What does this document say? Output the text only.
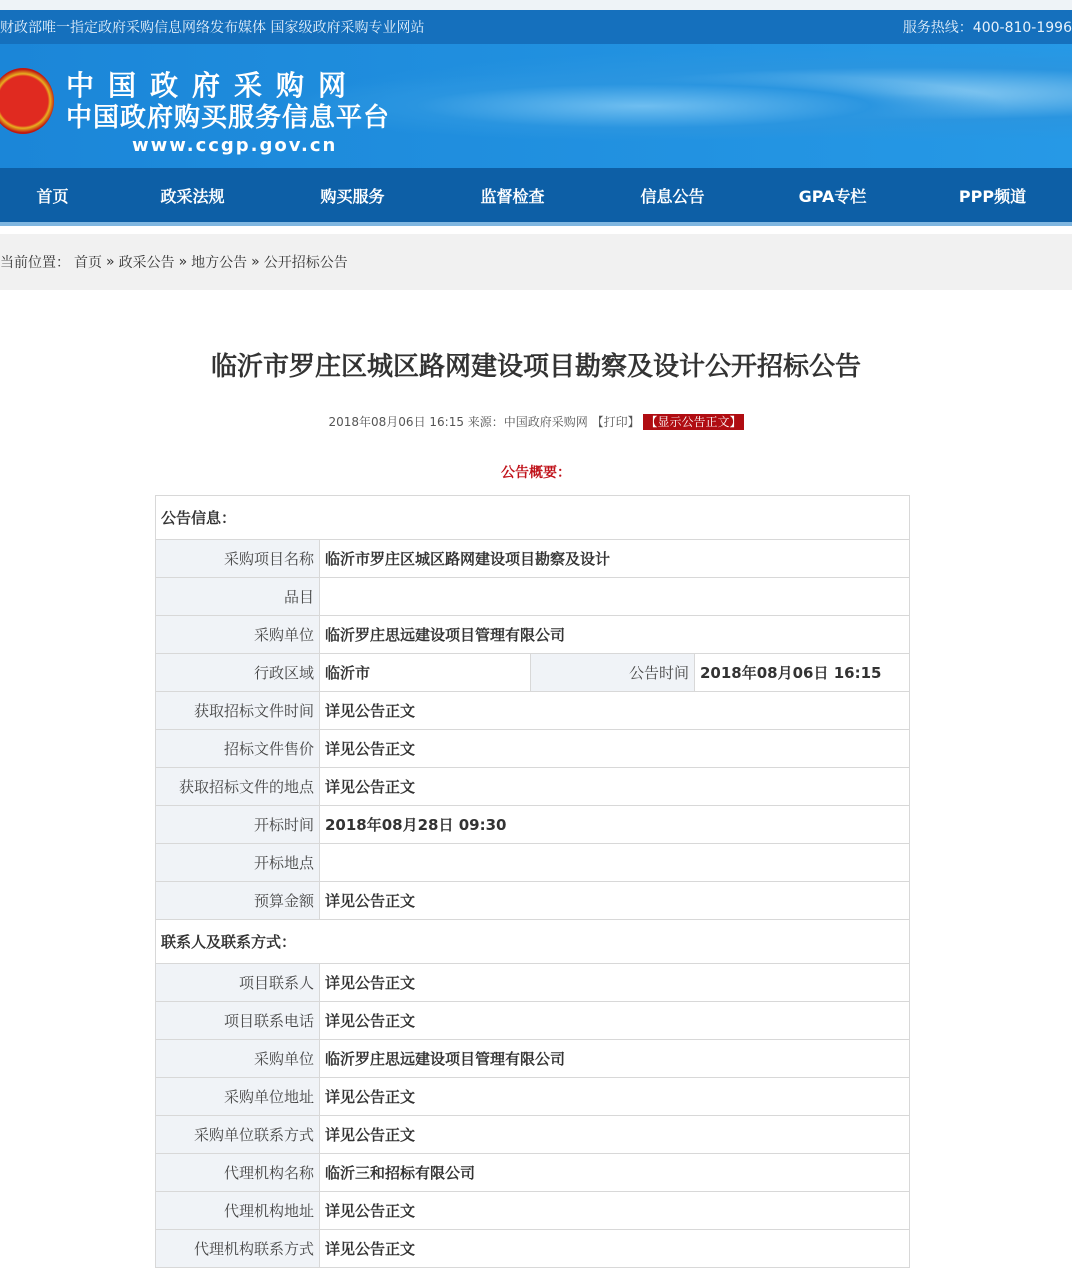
财政部唯一指定政府采购信息网络发布媒体 国家级政府采购专业网站	服务热线：400-810-1996
中国政府采购网
中国政府购买服务信息平台
www.ccgp.gov.cn
首页	政采法规	购买服务	监督检查	信息公告	GPA专栏	PPP频道
当前位置： 首页 » 政采公告 » 地方公告 » 公开招标公告
临沂市罗庄区城区路网建设项目勘察及设计公开招标公告
2018年08月06日 16:15 来源：中国政府采购网 【打印】 【显示公告正文】
公告概要：
公告信息：			
采购项目名称	临沂市罗庄区城区路网建设项目勘察及设计		
品目			
采购单位	临沂罗庄思远建设项目管理有限公司		
行政区域	临沂市	公告时间	2018年08月06日 16:15
获取招标文件时间	详见公告正文		
招标文件售价	详见公告正文		
获取招标文件的地点	详见公告正文		
开标时间	2018年08月28日 09:30		
开标地点			
预算金额	详见公告正文		
联系人及联系方式：			
项目联系人	详见公告正文		
项目联系电话	详见公告正文		
采购单位	临沂罗庄思远建设项目管理有限公司		
采购单位地址	详见公告正文		
采购单位联系方式	详见公告正文		
代理机构名称	临沂三和招标有限公司		
代理机构地址	详见公告正文		
代理机构联系方式	详见公告正文		
